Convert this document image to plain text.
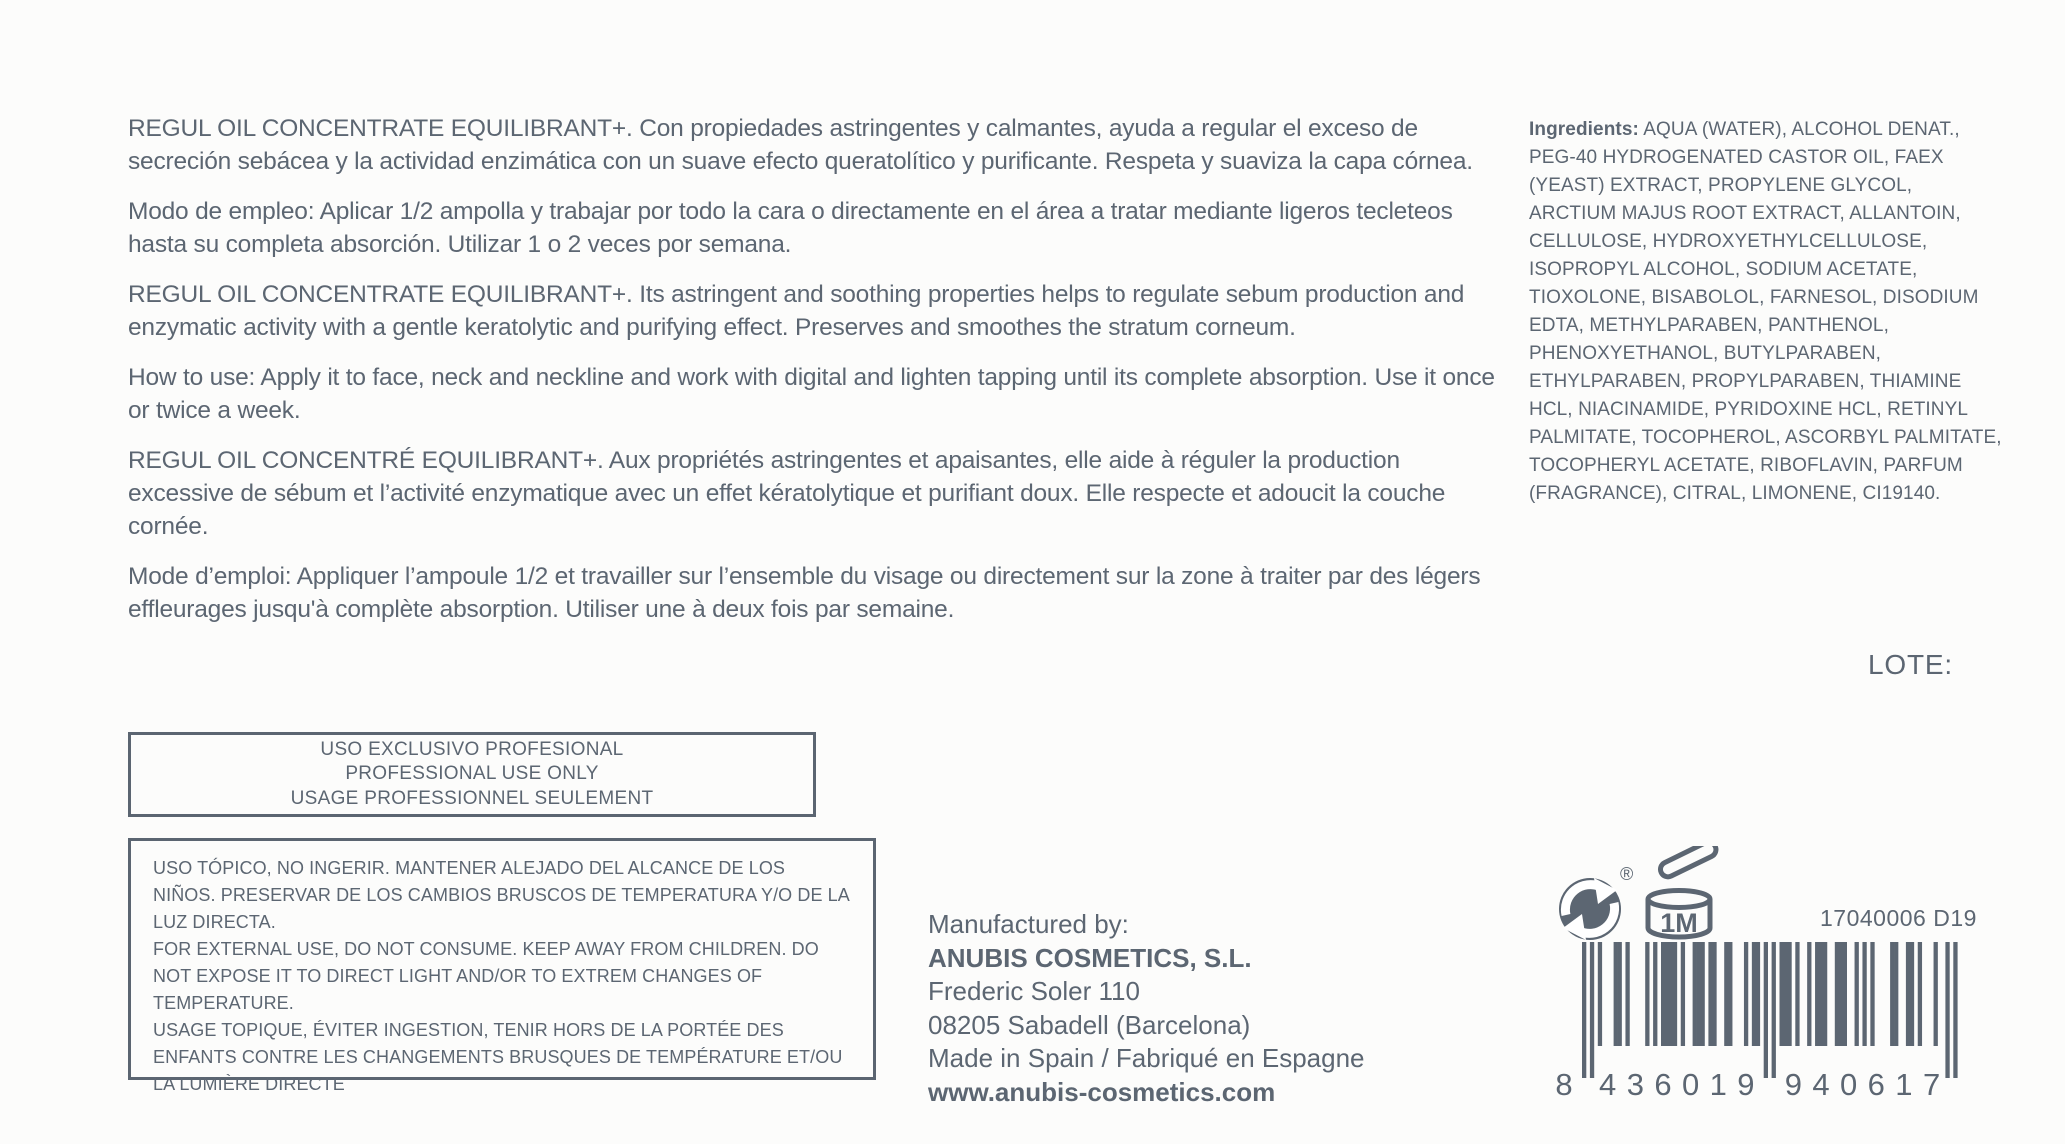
REGUL OIL CONCENTRATE EQUILIBRANT+. Con propiedades astringentes y calmantes, ayuda a regular el exceso de secreción sebácea y la actividad enzimática con un suave efecto queratolítico y purificante. Respeta y suaviza la capa córnea.

Modo de empleo: Aplicar 1/2 ampolla y trabajar por todo la cara o directamente en el área a tratar mediante ligeros tecleteos hasta su completa absorción. Utilizar 1 o 2 veces por semana.

REGUL OIL CONCENTRATE EQUILIBRANT+. Its astringent and soothing properties helps to regulate sebum production and enzymatic activity with a gentle keratolytic and purifying effect. Preserves and smoothes the stratum corneum.

How to use: Apply it to face, neck and neckline and work with digital and lighten tapping until its complete absorption. Use it once or twice a week.

REGUL OIL CONCENTRÉ EQUILIBRANT+. Aux propriétés astringentes et apaisantes, elle aide à réguler la production excessive de sébum et l’activité enzymatique avec un effet kératolytique et purifiant doux. Elle respecte et adoucit la couche cornée.

Mode d’emploi: Appliquer l’ampoule 1/2 et travailler sur l’ensemble du visage ou directement sur la zone à traiter par des légers effleurages jusqu'à complète absorption. Utiliser une à deux fois par semaine.

Ingredients: AQUA (WATER), ALCOHOL DENAT., PEG-40 HYDROGENATED CASTOR OIL, FAEX (YEAST) EXTRACT, PROPYLENE GLYCOL, ARCTIUM MAJUS ROOT EXTRACT, ALLANTOIN, CELLULOSE, HYDROXYETHYLCELLULOSE, ISOPROPYL ALCOHOL, SODIUM ACETATE, TIOXOLONE, BISABOLOL, FARNESOL, DISODIUM EDTA, METHYLPARABEN, PANTHENOL, PHENOXYETHANOL, BUTYLPARABEN, ETHYLPARABEN, PROPYLPARABEN, THIAMINE HCL, NIACINAMIDE, PYRIDOXINE HCL, RETINYL PALMITATE, TOCOPHEROL, ASCORBYL PALMITATE, TOCOPHERYL ACETATE, RIBOFLAVIN, PARFUM (FRAGRANCE), CITRAL, LIMONENE, CI19140.
LOTE:
USO EXCLUSIVO PROFESIONAL
PROFESSIONAL USE ONLY
USAGE PROFESSIONNEL SEULEMENT
USO TÓPICO, NO INGERIR. MANTENER ALEJADO DEL ALCANCE DE LOS NIÑOS. PRESERVAR DE LOS CAMBIOS BRUSCOS DE TEMPERATURA Y/O DE LA LUZ DIRECTA.
FOR EXTERNAL USE, DO NOT CONSUME. KEEP AWAY FROM CHILDREN. DO NOT EXPOSE IT TO DIRECT LIGHT AND/OR TO EXTREM CHANGES OF TEMPERATURE.
USAGE TOPIQUE, ÉVITER INGESTION, TENIR HORS DE LA PORTÉE DES ENFANTS CONTRE LES CHANGEMENTS BRUSQUES DE TEMPÉRATURE ET/OU LA LUMIÈRE DIRECTE
Manufactured by:
ANUBIS COSMETICS, S.L.
Frederic Soler 110
08205 Sabadell (Barcelona)
Made in Spain / Fabriqué en Espagne
www.anubis-cosmetics.com
®
1M	17040006 D19
8 4 3 6 0 1 9 9 4 0 6 1 7
